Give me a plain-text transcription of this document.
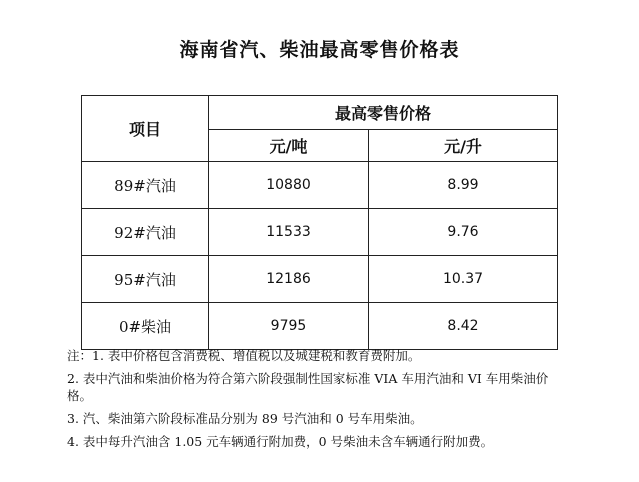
海南省汽、柴油最高零售价格表
项目	最高零售价格	
	元/吨	元/升
89#汽油	10880	8.99
92#汽油	11533	9.76
95#汽油	12186	10.37
0#柴油	9795	8.42

注：1. 表中价格包含消费税、增值税以及城建税和教育费附加。

2. 表中汽油和柴油价格为符合第六阶段强制性国家标准 VIA 车用汽油和 VI 车用柴油价格。

3. 汽、柴油第六阶段标准品分别为 89 号汽油和 0 号车用柴油。

4. 表中每升汽油含 1.05 元车辆通行附加费，0 号柴油未含车辆通行附加费。
